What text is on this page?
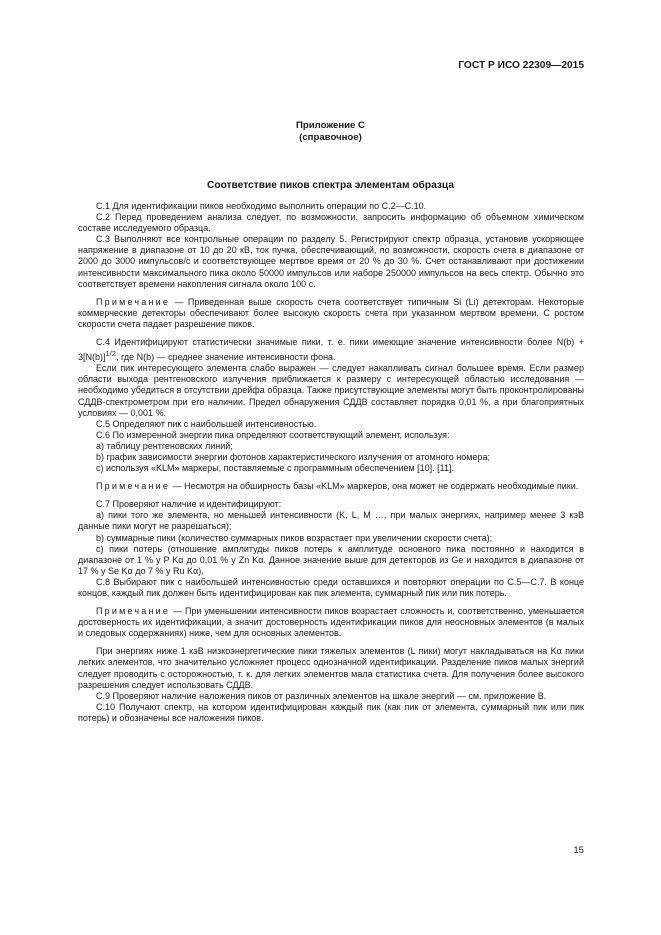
ГОСТ Р ИСО 22309—2015
Приложение С
(справочное)
Соответствие пиков спектра элементам образца

С.1 Для идентификации пиков необходимо выполнить операции по С.2—С.10.

С.2 Перед проведением анализа следует, по возможности, запросить информацию об объемном химическом составе исследуемого образца.

С.3 Выполняют все контрольные операции по разделу 5. Регистрируют спектр образца, установив ускоряющее напряжение в диапазоне от 10 до 20 кВ, ток пучка, обеспечивающий, по возможности, скорость счета в диапазоне от 2000 до 3000 импульсов/с и соответствующее мертвое время от 20 % до 30 %. Счет останавливают при достижении интенсивности максимального пика около 50000 импульсов или наборе 250000 импульсов на весь спектр. Обычно это соответствует времени накопления сигнала около 100 с.

Примечание — Приведенная выше скорость счета соответствует типичным Si (Li) детекторам. Некоторые коммерческие детекторы обеспечивают более высокую скорость счета при указанном мертвом времени. С ростом скорости счета падает разрешение пиков.

С.4 Идентифицируют статистически значимые пики, т. е. пики имеющие значение интенсивности более $N(b) + 3[N(b)]^{1/2}$, где N(b) — среднее значение интенсивности фона.

Если пик интересующего элемента слабо выражен — следует накапливать сигнал большее время. Если размер области выхода рентгеновского излучения приближается к размеру с интересующей областью исследования — необходимо убедиться в отсутствии дрейфа образца. Также присутствующие элементы могут быть проконтролированы СДДВ-спектрометром при его наличии. Предел обнаружения СДДВ составляет порядка 0,01 %, а при благоприятных условиях — 0,001 %.

С.5 Определяют пик с наибольшей интенсивностью.

С.6 По измеренной энергии пика определяют соответствующий элемент, используя:

а) таблицу рентгеновских линий;

b) график зависимости энергии фотонов характеристического излучения от атомного номера;

с) используя «KLM» маркеры, поставляемые с программным обеспечением [10]. [11].

Примечание — Несмотря на обширность базы «KLM» маркеров, она может не содержать необходимые пики.

С.7 Проверяют наличие и идентифицируют:

а) пики того же элемента, но меньшей интенсивности (K, L, M …, при малых энергиях, например менее 3 кэВ данные пики могут не разрешаться);

b) суммарные пики (количество суммарных пиков возрастает при увеличении скорости счета);

с) пики потерь (отношение амплитуды пиков потерь к амплитуде основного пика постоянно и находится в диапазоне от 1 % у P Kα до 0,01 % у Zn Kα. Данное значение выше для детекторов из Ge и находится в диапазоне от 17 % у Se Kα до 7 % у Ru Kα).

С.8 Выбирают пик с наибольшей интенсивностью среди оставшихся и повторяют операции по С.5—С.7. В конце концов, каждый пик должен быть идентифицирован как пик элемента, суммарный пик или пик потерь.

Примечание — При уменьшении интенсивности пиков возрастает сложность и, соответственно, уменьшается достоверность их идентификации, а значит достоверность идентификации пиков для неосновных элементов (в малых и следовых содержаниях) ниже, чем для основных элементов.

При энергиях ниже 1 кэВ низкоэнергетические пики тяжелых элементов (L пики) могут накладываться на Kα пики легких элементов, что значительно усложняет процесс однозначной идентификации. Разделение пиков малых энергий следует проводить с осторожностью, т. к. для легких элементов мала статистика счета. Для получения более высокого разрешения следует использовать СДДВ.

С.9 Проверяют наличие наложения пиков от различных элементов на шкале энергий — см. приложение В.

С.10 Получают спектр, на котором идентифицирован каждый пик (как пик от элемента, суммарный пик или пик потерь) и обозначены все наложения пиков.

15
